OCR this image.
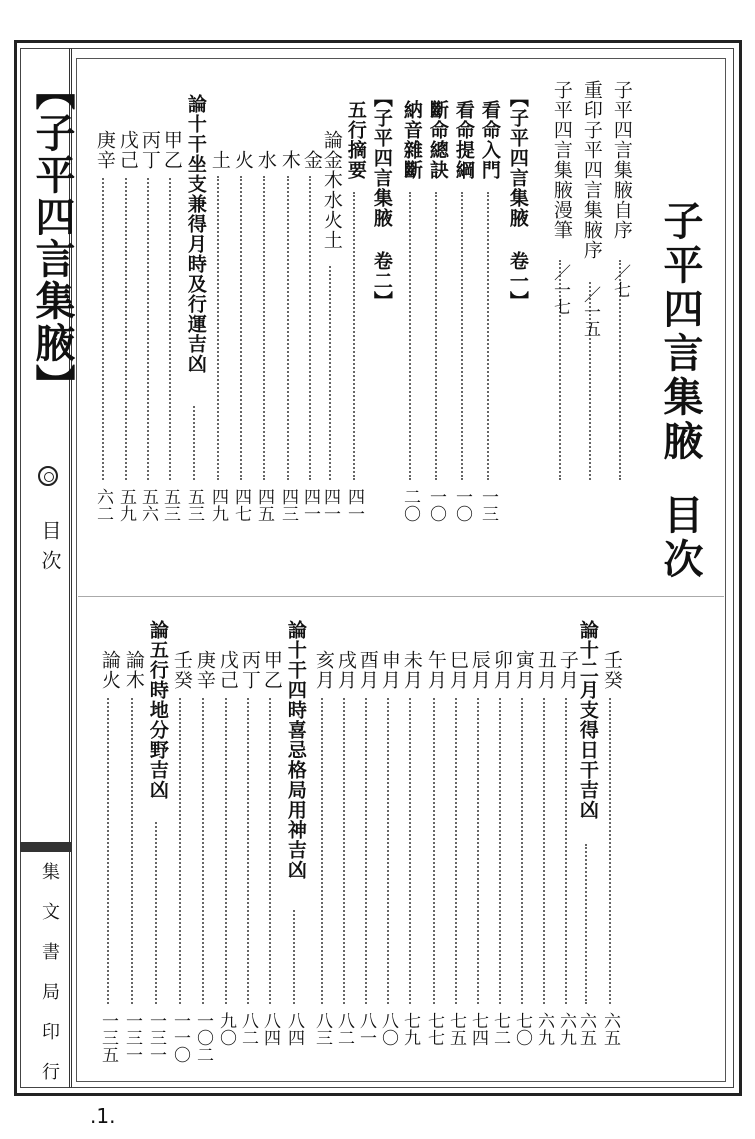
【子平四言集腋】
目次
集文書局印行
子平四言集腋目次
.1.
子平四言集腋自序
／七
重印子平四言集腋序
／一五
子平四言集腋漫筆
／一七
【子平四言集腋 卷一】
看命入門
一三
看命提綱
一〇
斷命總訣
一〇
納音雜斷
二〇
【子平四言集腋 卷二】
五行摘要
四一
論金木水火土
四一
金
四一
木
四三
水
四五
火
四七
土
四九
論十干坐支兼得月時及行運吉凶
五三
甲乙
五三
丙丁
五六
戊己
五九
庚辛
六二
壬癸
六五
論十二月支得日干吉凶
六五
子月
六九
丑月
六九
寅月
七〇
卯月
七二
辰月
七四
巳月
七五
午月
七七
未月
七九
申月
八〇
酉月
八一
戌月
八二
亥月
八三
論十干四時喜忌格局用神吉凶
八四
甲乙
八四
丙丁
八二
戊己
九〇
庚辛
一〇二
壬癸
一一〇
論五行時地分野吉凶
一三一
論木
一三一
論火
一三五
